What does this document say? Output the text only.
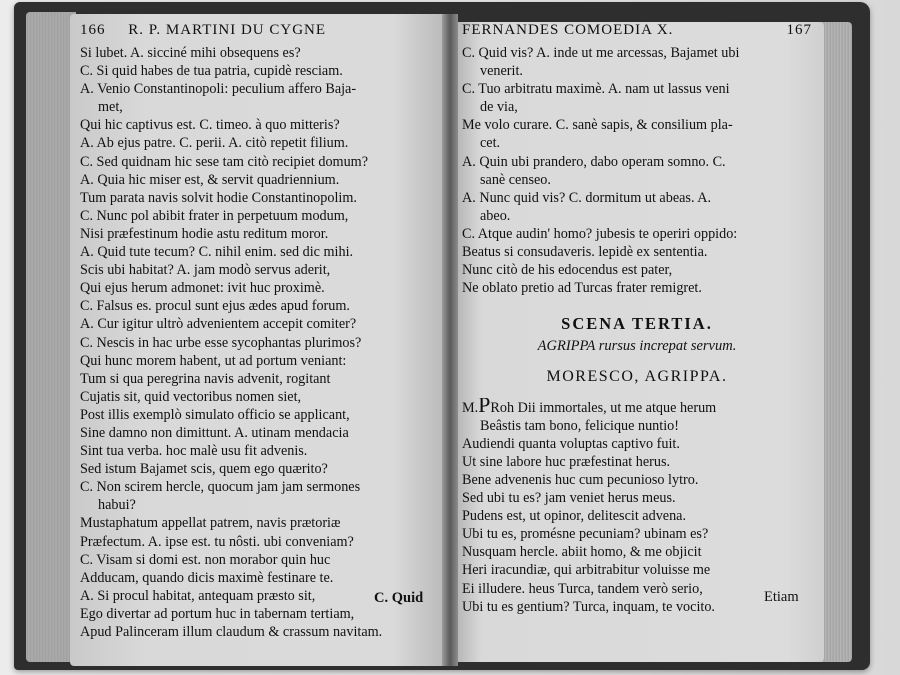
166 R. P. MARTINI DU CYGNE	FERNANDES COMOEDIA X.	167
Si lubet. A. sicciné mihi obsequens es?
C. Si quid habes de tua patria, cupidè resciam.
A. Venio Constantinopoli: peculium affero Baja-
met,
Qui hic captivus est. C. timeo. à quo mitteris?
A. Ab ejus patre. C. perii. A. citò repetit filium.
C. Sed quidnam hic sese tam citò recipiet domum?
A. Quia hic miser est, & servit quadriennium.
Tum parata navis solvit hodie Constantinopolim.
C. Nunc pol abibit frater in perpetuum modum,
Nisi præfestinum hodie astu reditum moror.
A. Quid tute tecum? C. nihil enim. sed dic mihi.
Scis ubi habitat? A. jam modò servus aderit,
Qui ejus herum admonet: ivit huc proximè.
C. Falsus es. procul sunt ejus ædes apud forum.
A. Cur igitur ultrò advenientem accepit comiter?
C. Nescis in hac urbe esse sycophantas plurimos?
Qui hunc morem habent, ut ad portum veniant:
Tum si qua peregrina navis advenit, rogitant
Cujatis sit, quid vectoribus nomen siet,
Post illis exemplò simulato officio se applicant,
Sine damno non dimittunt. A. utinam mendacia
Sint tua verba. hoc malè usu fit advenis.
Sed istum Bajamet scis, quem ego quærito?
C. Non scirem hercle, quocum jam jam sermones
habui?
Mustaphatum appellat patrem, navis prætoriæ
Præfectum. A. ipse est. tu nôsti. ubi conveniam?
C. Visam si domi est. non morabor quin huc
Adducam, quando dicis maximè festinare te.
A. Si procul habitat, antequam præsto sit,
Ego divertar ad portum huc in tabernam tertiam,
Apud Palinceram illum claudum & crassum navitam.
C. Quid
C. Quid vis? A. inde ut me arcessas, Bajamet ubi
venerit.
C. Tuo arbitratu maximè. A. nam ut lassus veni
de via,
Me volo curare. C. sanè sapis, & consilium pla-
cet.
A. Quin ubi prandero, dabo operam somno. C.
sanè censeo.
A. Nunc quid vis? C. dormitum ut abeas. A.
abeo.
C. Atque audin' homo? jubesis te operiri oppido:
Beatus si consudaveris. lepidè ex sententia.
Nunc citò de his edocendus est pater,
Ne oblato pretio ad Turcas frater remigret.
SCENA TERTIA.
AGRIPPA rursus increpat servum.
MORESCO, AGRIPPA.
M.PRoh Dii immortales, ut me atque herum
Beâstis tam bono, felicique nuntio!
Audiendi quanta voluptas captivo fuit.
Ut sine labore huc præfestinat herus.
Bene advenenis huc cum pecunioso lytro.
Sed ubi tu es? jam veniet herus meus.
Pudens est, ut opinor, delitescit advena.
Ubi tu es, promésne pecuniam? ubinam es?
Nusquam hercle. abiit homo, & me objicit
Heri iracundiæ, qui arbitrabitur voluisse me
Ei illudere. heus Turca, tandem verò serio,
Ubi tu es gentium? Turca, inquam, te vocito.
Etiam
